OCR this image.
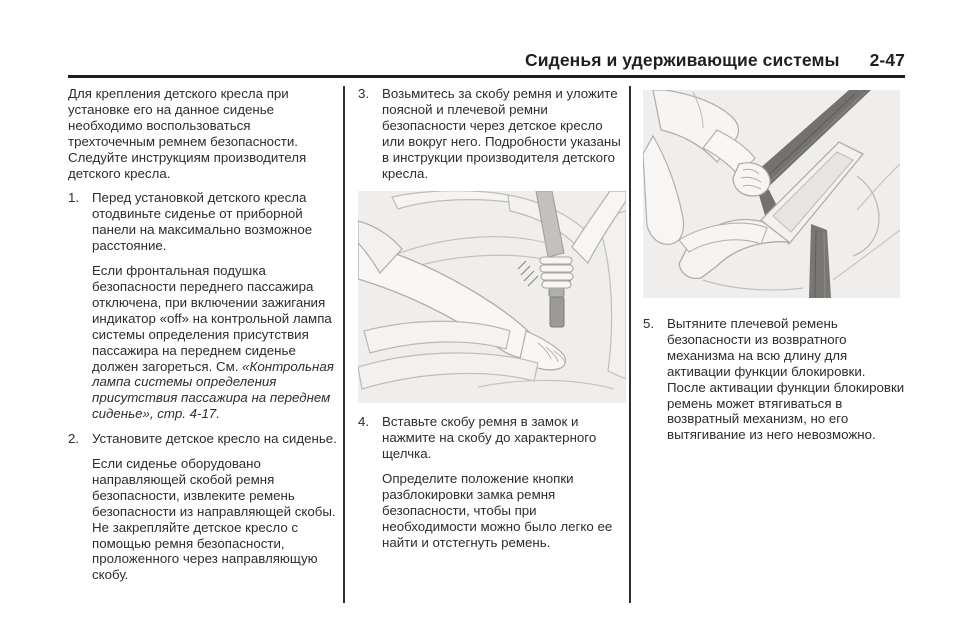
Сиденья и удерживающие системы 2-47

Для крепления детского кресла при установке его на данное сиденье необходимо воспользоваться трехточечным ремнем безопасности. Следуйте инструкциям производителя детского кресла.

1. Перед установкой детского кресла отодвиньте сиденье от приборной панели на максимально возможное расстояние.

Если фронтальная подушка безопасности переднего пассажира отключена, при включении зажигания индикатор «off» на контрольной лампа системы определения присутствия пассажира на переднем сиденье должен загореться. См. «Контрольная лампа системы определения присутствия пассажира на переднем сиденье», стр. 4-17.

2. Установите детское кресло на сиденье.

Если сиденье оборудовано направляющей скобой ремня безопасности, извлеките ремень безопасности из направляющей скобы. Не закрепляйте детское кресло с помощью ремня безопасности, проложенного через направляющую скобу.

3. Возьмитесь за скобу ремня и уложите поясной и плечевой ремни безопасности через детское кресло или вокруг него. Подробности указаны в инструкции производителя детского кресла.

4. Вставьте скобу ремня в замок и нажмите на скобу до характерного щелчка.

Определите положение кнопки разблокировки замка ремня безопасности, чтобы при необходимости можно было легко ее найти и отстегнуть ремень.

5. Вытяните плечевой ремень безопасности из возвратного механизма на всю длину для активации функции блокировки. После активации функции блокировки ремень может втягиваться в возвратный механизм, но его вытягивание из него невозможно.
